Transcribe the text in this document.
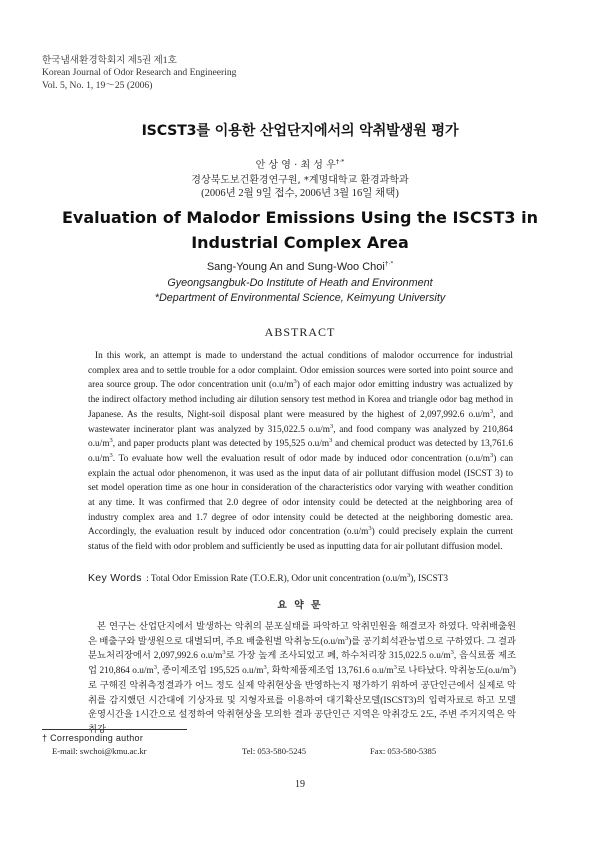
한국냄새환경학회지 제5권 제1호
Korean Journal of Odor Research and Engineering
Vol. 5, No. 1, 19～25 (2006)
ISCST3를 이용한 산업단지에서의 악취발생원 평가
안 상 영 · 최 성 우†·*
경상북도보건환경연구원, *계명대학교 환경과학과
(2006년 2월 9일 접수, 2006년 3월 16일 채택)
Evaluation of Malodor Emissions Using the ISCST3 in Industrial Complex Area
Sang-Young An and Sung-Woo Choi†·*
Gyeongsangbuk-Do Institute of Heath and Environment
*Department of Environmental Science, Keimyung University
ABSTRACT

In this work, an attempt is made to understand the actual conditions of malodor occurrence for industrial complex area and to settle trouble for a odor complaint. Odor emission sources were sorted into point source and area source group. The odor concentration unit $(o.u/m^3)$ of each major odor emitting industry was actualized by the indirect olfactory method including air dilution sensory test method in Korea and triangle odor bag method in Japanese. As the results, Night-soil disposal plant were measured by the highest of 2,097,992.6 $o.u/m^3$, and wastewater incinerator plant was analyzed by 315,022.5 $o.u/m^3$, and food company was analyzed by 210,864 $o.u/m^3$, and paper products plant was detected by 195,525 $o.u/m^3$ and chemical product was detected by 13,761.6 $o.u/m^3$. To evaluate how well the evaluation result of odor made by induced odor concentration $(o.u/m^3)$ can explain the actual odor phenomenon, it was used as the input data of air pollutant diffusion model (ISCST 3) to set model operation time as one hour in consideration of the characteristics odor varying with weather condition at any time. It was confirmed that 2.0 degree of odor intensity could be detected at the neighboring area of industry complex area and 1.7 degree of odor intensity could be detected at the neighboring domestic area. Accordingly, the evaluation result by induced odor concentration $(o.u/m^3)$ could precisely explain the current status of the field with odor problem and sufficiently be used as inputting data for air pollutant diffusion model.

Key Words : Total Odor Emission Rate (T.O.E.R), Odor unit concentration $(o.u/m^3)$, ISCST3
요 약 문

본 연구는 산업단지에서 발생하는 악취의 분포실태를 파악하고 악취민원을 해결코자 하였다. 악취배출원은 배출구와 발생원으로 대별되며, 주요 배출원별 악취농도$(o.u/m^3)$를 공기희석관능법으로 구하였다. 그 결과 분뇨처리장에서 2,097,992.6 $o.u/m^3$로 가장 높게 조사되었고 폐, 하수처리장 315,022.5 $o.u/m^3$, 음식료품 제조업 210,864 $o.u/m^3$, 종이제조업 195,525 $o.u/m^3$, 화학제품제조업 13,761.6 $o.u/m^3$로 나타났다. 악취농도$(o.u/m^3)$로 구해진 악취측정결과가 어느 정도 실제 악취현상을 반영하는지 평가하기 위하여 공단인근에서 실제로 악취를 감지했던 시간대에 기상자료 및 지형자료를 이용하여 대기확산모델(ISCST3)의 입력자료로 하고 모델 운영시간을 1시간으로 설정하여 악취현상을 모의한 결과 공단인근 지역은 악취강도 2도, 주변 주거지역은 악취강

† Corresponding author
E-mail: swchoi@kmu.ac.kr	Tel: 053-580-5245	Fax: 053-580-5385
19
